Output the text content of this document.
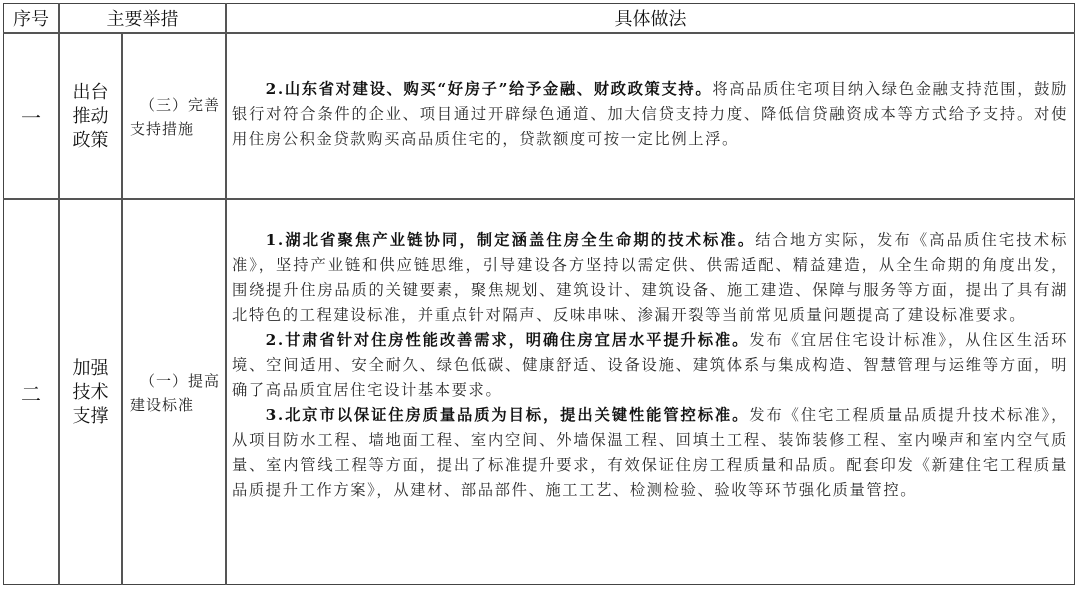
序号	主要举措	具体做法
一
出台
推动
政策
（三）完善
支持措施

2.山东省对建设、购买“好房子”给予金融、财政政策支持。将高品质住宅项目纳入绿色金融支持范围，鼓励银行对符合条件的企业、项目通过开辟绿色通道、加大信贷支持力度、降低信贷融资成本等方式给予支持。对使用住房公积金贷款购买高品质住宅的，贷款额度可按一定比例上浮。

二
加强
技术
支撑
（一）提高
建设标准

1.湖北省聚焦产业链协同，制定涵盖住房全生命期的技术标准。结合地方实际，发布《高品质住宅技术标准》，坚持产业链和供应链思维，引导建设各方坚持以需定供、供需适配、精益建造，从全生命期的角度出发，围绕提升住房品质的关键要素，聚焦规划、建筑设计、建筑设备、施工建造、保障与服务等方面，提出了具有湖北特色的工程建设标准，并重点针对隔声、反味串味、渗漏开裂等当前常见质量问题提高了建设标准要求。

2.甘肃省针对住房性能改善需求，明确住房宜居水平提升标准。发布《宜居住宅设计标准》，从住区生活环境、空间适用、安全耐久、绿色低碳、健康舒适、设备设施、建筑体系与集成构造、智慧管理与运维等方面，明确了高品质宜居住宅设计基本要求。

3.北京市以保证住房质量品质为目标，提出关键性能管控标准。发布《住宅工程质量品质提升技术标准》，从项目防水工程、墙地面工程、室内空间、外墙保温工程、回填土工程、装饰装修工程、室内噪声和室内空气质量、室内管线工程等方面，提出了标准提升要求，有效保证住房工程质量和品质。配套印发《新建住宅工程质量品质提升工作方案》，从建材、部品部件、施工工艺、检测检验、验收等环节强化质量管控。
